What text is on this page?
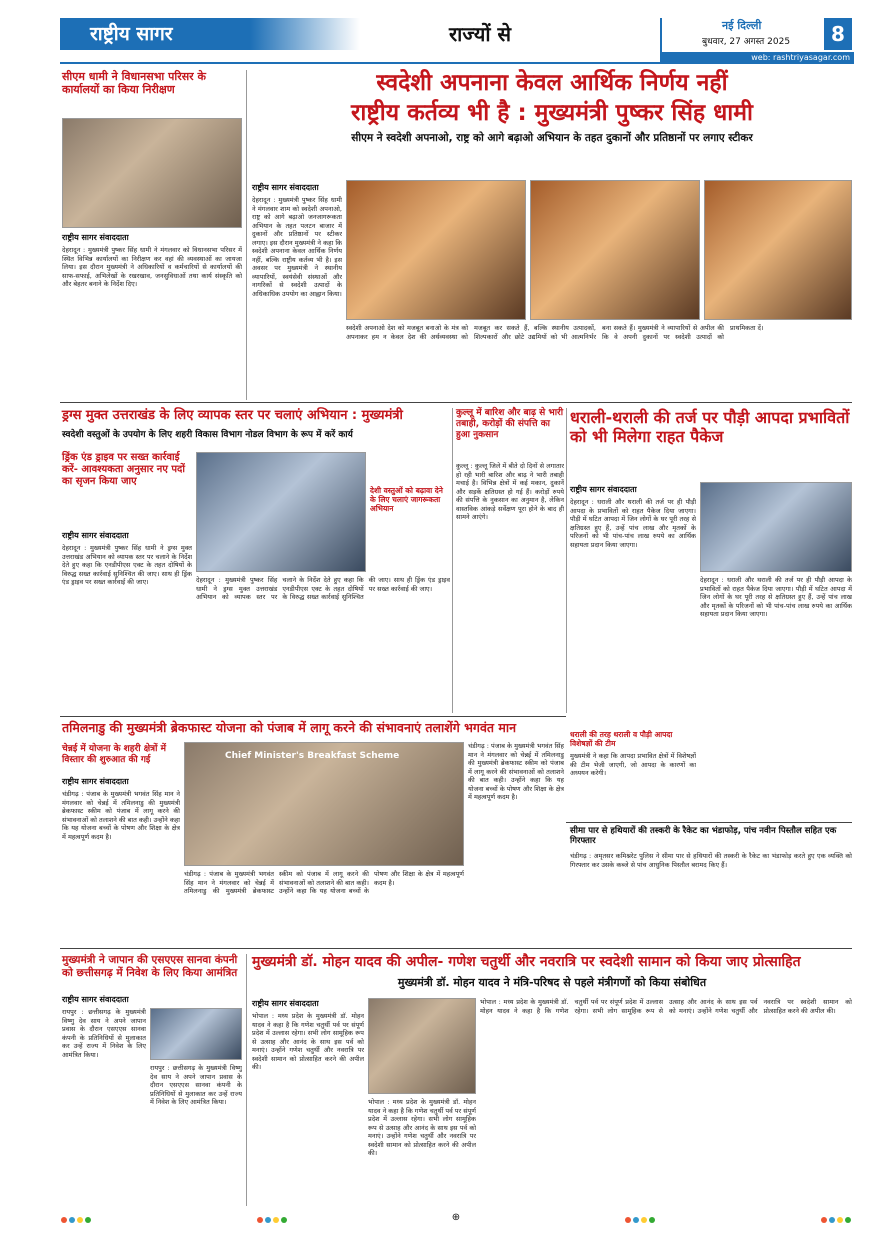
राष्ट्रीय सागर	राज्यों से	नई दिल्ली
बुधवार, 27 अगस्त 2025	8
web: rashtriyasagar.com
सीएम धामी ने विधानसभा परिसर के कार्यालयों का किया निरीक्षण
राष्ट्रीय सागर संवाददाता
देहरादून : मुख्यमंत्री पुष्कर सिंह धामी ने मंगलवार को विधानसभा परिसर में स्थित विभिन्न कार्यालयों का निरीक्षण कर वहां की व्यवस्थाओं का जायजा लिया। इस दौरान मुख्यमंत्री ने अधिकारियों व कर्मचारियों से कार्यालयों की साफ-सफाई, अभिलेखों के रखरखाव, जनसुविधाओं तथा कार्य संस्कृति को और बेहतर बनाने के निर्देश दिए।
स्वदेशी अपनाना केवल आर्थिक निर्णय नहीं
राष्ट्रीय कर्तव्य भी है : मुख्यमंत्री पुष्कर सिंह धामी
सीएम ने स्वदेशी अपनाओ, राष्ट्र को आगे बढ़ाओ अभियान के तहत दुकानों और प्रतिष्ठानों पर लगाए स्टीकर
राष्ट्रीय सागर संवाददाता
देहरादून : मुख्यमंत्री पुष्कर सिंह धामी ने मंगलवार शाम को स्वदेशी अपनाओ, राष्ट्र को आगे बढ़ाओ जनजागरूकता अभियान के तहत पलटन बाजार में दुकानों और प्रतिष्ठानों पर स्टीकर लगाए। इस दौरान मुख्यमंत्री ने कहा कि स्वदेशी अपनाना केवल आर्थिक निर्णय नहीं, बल्कि राष्ट्रीय कर्तव्य भी है। इस अवसर पर मुख्यमंत्री ने स्थानीय व्यापारियों, स्वयंसेवी संस्थाओं और नागरिकों से स्वदेशी उत्पादों के अधिकाधिक उपयोग का आह्वान किया।
स्वदेशी अपनाओ देश को मजबूत बनाओ के मंत्र को अपनाकर हम न केवल देश की अर्थव्यवस्था को मजबूत कर सकते हैं, बल्कि स्थानीय उत्पादकों, शिल्पकारों और छोटे उद्यमियों को भी आत्मनिर्भर बना सकते हैं। मुख्यमंत्री ने व्यापारियों से अपील की कि वे अपनी दुकानों पर स्वदेशी उत्पादों को प्राथमिकता दें।
ड्रग्स मुक्त उत्तराखंड के लिए व्यापक स्तर पर चलाएं अभियान : मुख्यमंत्री
स्वदेशी वस्तुओं के उपयोग के लिए शहरी विकास विभाग नोडल विभाग के रूप में करें कार्य
ड्रिंक एंड ड्राइव पर सख्त कार्रवाई करें- आवश्यकता अनुसार नए पदों का सृजन किया जाए
राष्ट्रीय सागर संवाददाता
देहरादून : मुख्यमंत्री पुष्कर सिंह धामी ने ड्रग्स मुक्त उत्तराखंड अभियान को व्यापक स्तर पर चलाने के निर्देश देते हुए कहा कि एनडीपीएस एक्ट के तहत दोषियों के विरुद्ध सख्त कार्रवाई सुनिश्चित की जाए। साथ ही ड्रिंक एंड ड्राइव पर सख्त कार्रवाई की जाए।
देशी वस्तुओं को बढ़ावा देने के लिए चलाएं जागरूकता अभियान
देहरादून : मुख्यमंत्री पुष्कर सिंह धामी ने ड्रग्स मुक्त उत्तराखंड अभियान को व्यापक स्तर पर चलाने के निर्देश देते हुए कहा कि एनडीपीएस एक्ट के तहत दोषियों के विरुद्ध सख्त कार्रवाई सुनिश्चित की जाए। साथ ही ड्रिंक एंड ड्राइव पर सख्त कार्रवाई की जाए।
कुल्लू में बारिश और बाढ़ से भारी तबाही, करोड़ों की संपत्ति का हुआ नुकसान
कुल्लू : कुल्लू जिले में बीते दो दिनों से लगातार हो रही भारी बारिश और बाढ़ ने भारी तबाही मचाई है। विभिन्न क्षेत्रों में कई मकान, दुकानें और सड़कें क्षतिग्रस्त हो गई हैं। करोड़ों रुपये की संपत्ति के नुकसान का अनुमान है, लेकिन वास्तविक आंकड़े सर्वेक्षण पूरा होने के बाद ही सामने आएंगे।
धराली-थराली की तर्ज पर पौड़ी आपदा प्रभावितों को भी मिलेगा राहत पैकेज
राष्ट्रीय सागर संवाददाता
देहरादून : धराली और थराली की तर्ज पर ही पौड़ी आपदा के प्रभावितों को राहत पैकेज दिया जाएगा। पौड़ी में घटित आपदा में जिन लोगों के घर पूरी तरह से क्षतिग्रस्त हुए हैं, उन्हें पांच लाख और मृतकों के परिजनों को भी पांच-पांच लाख रुपये का आर्थिक सहायता प्रदान किया जाएगा।
धराली की तरह थराली व पौड़ी आपदा विशेषज्ञों की टीम
मुख्यमंत्री ने कहा कि आपदा प्रभावित क्षेत्रों में विशेषज्ञों की टीम भेजी जाएगी, जो आपदा के कारणों का अध्ययन करेगी।
देहरादून : धराली और थराली की तर्ज पर ही पौड़ी आपदा के प्रभावितों को राहत पैकेज दिया जाएगा। पौड़ी में घटित आपदा में जिन लोगों के घर पूरी तरह से क्षतिग्रस्त हुए हैं, उन्हें पांच लाख और मृतकों के परिजनों को भी पांच-पांच लाख रुपये का आर्थिक सहायता प्रदान किया जाएगा।
तमिलनाडु की मुख्यमंत्री ब्रेकफास्ट योजना को पंजाब में लागू करने की संभावनाएं तलाशेंगे भगवंत मान
चेन्नई में योजना के शहरी क्षेत्रों में विस्तार की शुरुआत की गई
राष्ट्रीय सागर संवाददाता
चंडीगढ़ : पंजाब के मुख्यमंत्री भगवंत सिंह मान ने मंगलवार को चेन्नई में तमिलनाडु की मुख्यमंत्री ब्रेकफास्ट स्कीम को पंजाब में लागू करने की संभावनाओं को तलाशने की बात कही। उन्होंने कहा कि यह योजना बच्चों के पोषण और शिक्षा के क्षेत्र में महत्वपूर्ण कदम है।
Chief Minister's Breakfast Scheme
चंडीगढ़ : पंजाब के मुख्यमंत्री भगवंत सिंह मान ने मंगलवार को चेन्नई में तमिलनाडु की मुख्यमंत्री ब्रेकफास्ट स्कीम को पंजाब में लागू करने की संभावनाओं को तलाशने की बात कही। उन्होंने कहा कि यह योजना बच्चों के पोषण और शिक्षा के क्षेत्र में महत्वपूर्ण कदम है।
चंडीगढ़ : पंजाब के मुख्यमंत्री भगवंत सिंह मान ने मंगलवार को चेन्नई में तमिलनाडु की मुख्यमंत्री ब्रेकफास्ट स्कीम को पंजाब में लागू करने की संभावनाओं को तलाशने की बात कही। उन्होंने कहा कि यह योजना बच्चों के पोषण और शिक्षा के क्षेत्र में महत्वपूर्ण कदम है।
सीमा पार से हथियारों की तस्करी के रैकेट का भंडाफोड़, पांच नवीन पिस्तौल सहित एक गिरफ्तार
चंडीगढ़ : अमृतसर कमिश्नरेट पुलिस ने सीमा पार से हथियारों की तस्करी के रैकेट का भंडाफोड़ करते हुए एक व्यक्ति को गिरफ्तार कर उसके कब्जे से पांच आधुनिक पिस्तौल बरामद किए हैं।
मुख्यमंत्री ने जापान की एसएएस सानवा कंपनी को छत्तीसगढ़ में निवेश के लिए किया आमंत्रित
राष्ट्रीय सागर संवाददाता
रायपुर : छत्तीसगढ़ के मुख्यमंत्री विष्णु देव साय ने अपने जापान प्रवास के दौरान एसएएस सानवा कंपनी के प्रतिनिधियों से मुलाकात कर उन्हें राज्य में निवेश के लिए आमंत्रित किया।
रायपुर : छत्तीसगढ़ के मुख्यमंत्री विष्णु देव साय ने अपने जापान प्रवास के दौरान एसएएस सानवा कंपनी के प्रतिनिधियों से मुलाकात कर उन्हें राज्य में निवेश के लिए आमंत्रित किया।
मुख्यमंत्री डॉ. मोहन यादव की अपील- गणेश चतुर्थी और नवरात्रि पर स्वदेशी सामान को किया जाए प्रोत्साहित
मुख्यमंत्री डॉ. मोहन यादव ने मंत्रि-परिषद से पहले मंत्रीगणों को किया संबोधित
राष्ट्रीय सागर संवाददाता
भोपाल : मध्य प्रदेश के मुख्यमंत्री डॉ. मोहन यादव ने कहा है कि गणेश चतुर्थी पर्व पर संपूर्ण प्रदेश में उल्लास रहेगा। सभी लोग सामूहिक रूप से उत्साह और आनंद के साथ इस पर्व को मनाएं। उन्होंने गणेश चतुर्थी और नवरात्रि पर स्वदेशी सामान को प्रोत्साहित करने की अपील की।
भोपाल : मध्य प्रदेश के मुख्यमंत्री डॉ. मोहन यादव ने कहा है कि गणेश चतुर्थी पर्व पर संपूर्ण प्रदेश में उल्लास रहेगा। सभी लोग सामूहिक रूप से उत्साह और आनंद के साथ इस पर्व को मनाएं। उन्होंने गणेश चतुर्थी और नवरात्रि पर स्वदेशी सामान को प्रोत्साहित करने की अपील की।
भोपाल : मध्य प्रदेश के मुख्यमंत्री डॉ. मोहन यादव ने कहा है कि गणेश चतुर्थी पर्व पर संपूर्ण प्रदेश में उल्लास रहेगा। सभी लोग सामूहिक रूप से उत्साह और आनंद के साथ इस पर्व को मनाएं। उन्होंने गणेश चतुर्थी और नवरात्रि पर स्वदेशी सामान को प्रोत्साहित करने की अपील की।
⊕
